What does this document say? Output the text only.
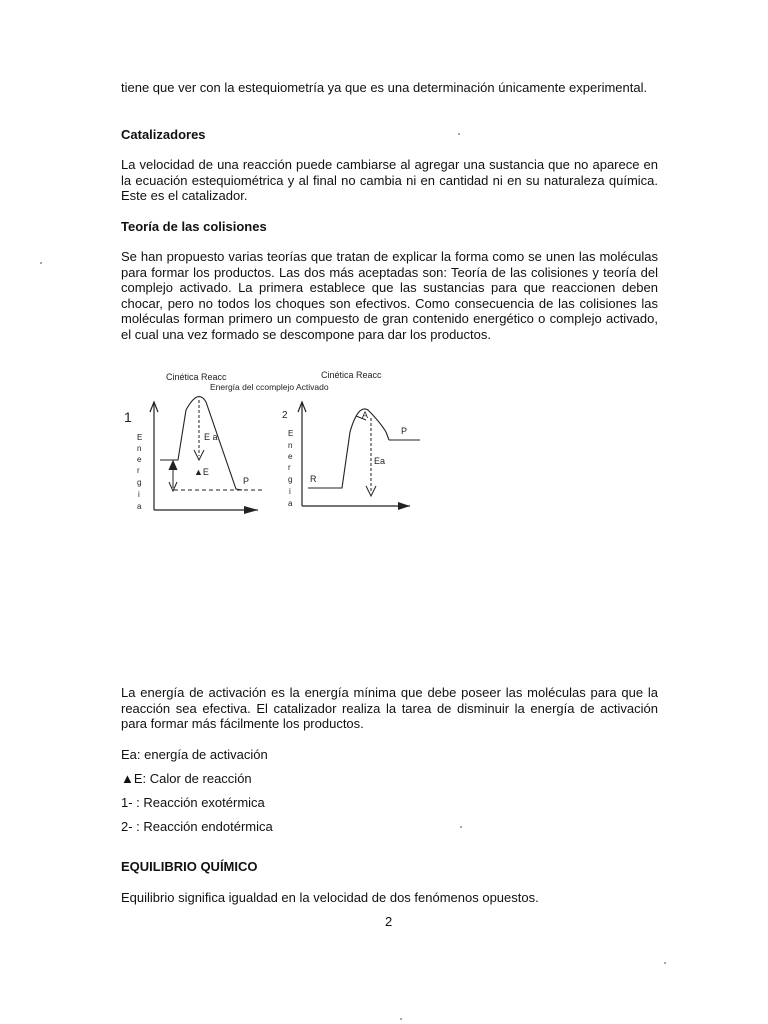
tiene que ver con la estequiometría ya que es una determinación únicamente experimental.
Catalizadores
La velocidad de una reacción puede cambiarse al agregar una sustancia que no aparece en la ecuación estequiométrica y al final no cambia ni en cantidad ni en su naturaleza química. Este es el catalizador.
Teoría de las colisiones
Se han propuesto varias teorías que tratan de explicar la forma como se unen las moléculas para formar los productos. Las dos más aceptadas son: Teoría de las colisiones y teoría del complejo activado. La primera establece que las sustancias para que reaccionen deben chocar, pero no todos los choques son efectivos. Como consecuencia de las colisiones las moléculas forman primero un compuesto de gran contenido energético o complejo activado, el cual una vez formado se descompone para dar los productos.
Cinética Reacc	Cinética Reacc
Energía del ccomplejo Activado
1
E
n
e
r
g
i
a
E a
▲E
P
2
E
n
e
r
g
i
a
A
P
Ea
R
La energía de activación es la energía mínima que debe poseer las moléculas para que la reacción sea efectiva. El catalizador realiza la tarea de disminuir la energía de activación para formar más fácilmente los productos.
Ea: energía de activación
▲E: Calor de reacción
1- : Reacción exotérmica
2- : Reacción endotérmica
EQUILIBRIO QUÍMICO
Equilibrio significa igualdad en la velocidad de dos fenómenos opuestos.
2
